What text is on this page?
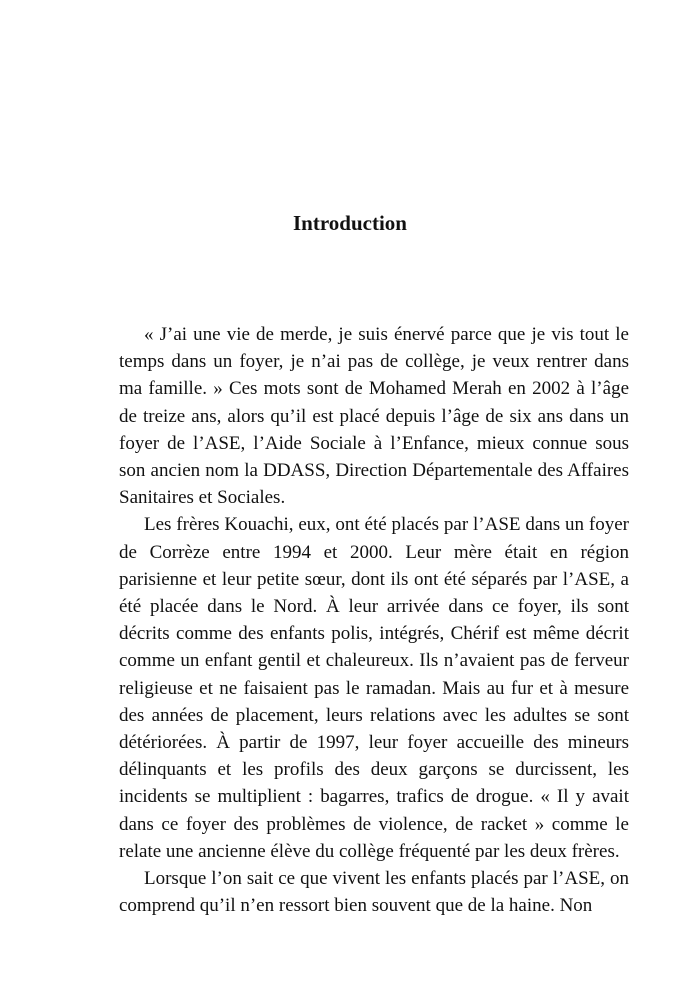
Introduction

« J’ai une vie de merde, je suis énervé parce que je vis tout le temps dans un foyer, je n’ai pas de collège, je veux rentrer dans ma famille. » Ces mots sont de Mohamed Merah en 2002 à l’âge de treize ans, alors qu’il est placé depuis l’âge de six ans dans un foyer de l’ASE, l’Aide Sociale à l’Enfance, mieux connue sous son ancien nom la DDASS, Direction Départementale des Affaires Sanitaires et Sociales.

Les frères Kouachi, eux, ont été placés par l’ASE dans un foyer de Corrèze entre 1994 et 2000. Leur mère était en région parisienne et leur petite sœur, dont ils ont été séparés par l’ASE, a été placée dans le Nord. À leur arrivée dans ce foyer, ils sont décrits comme des enfants polis, intégrés, Chérif est même décrit comme un enfant gentil et chaleureux. Ils n’avaient pas de ferveur religieuse et ne faisaient pas le ramadan. Mais au fur et à mesure des années de placement, leurs relations avec les adultes se sont détériorées. À partir de 1997, leur foyer accueille des mineurs délinquants et les profils des deux garçons se durcissent, les incidents se multiplient : bagarres, trafics de drogue. « Il y avait dans ce foyer des problèmes de violence, de racket » comme le relate une ancienne élève du collège fréquenté par les deux frères.

Lorsque l’on sait ce que vivent les enfants placés par l’ASE, on comprend qu’il n’en ressort bien souvent que de la haine. Non
